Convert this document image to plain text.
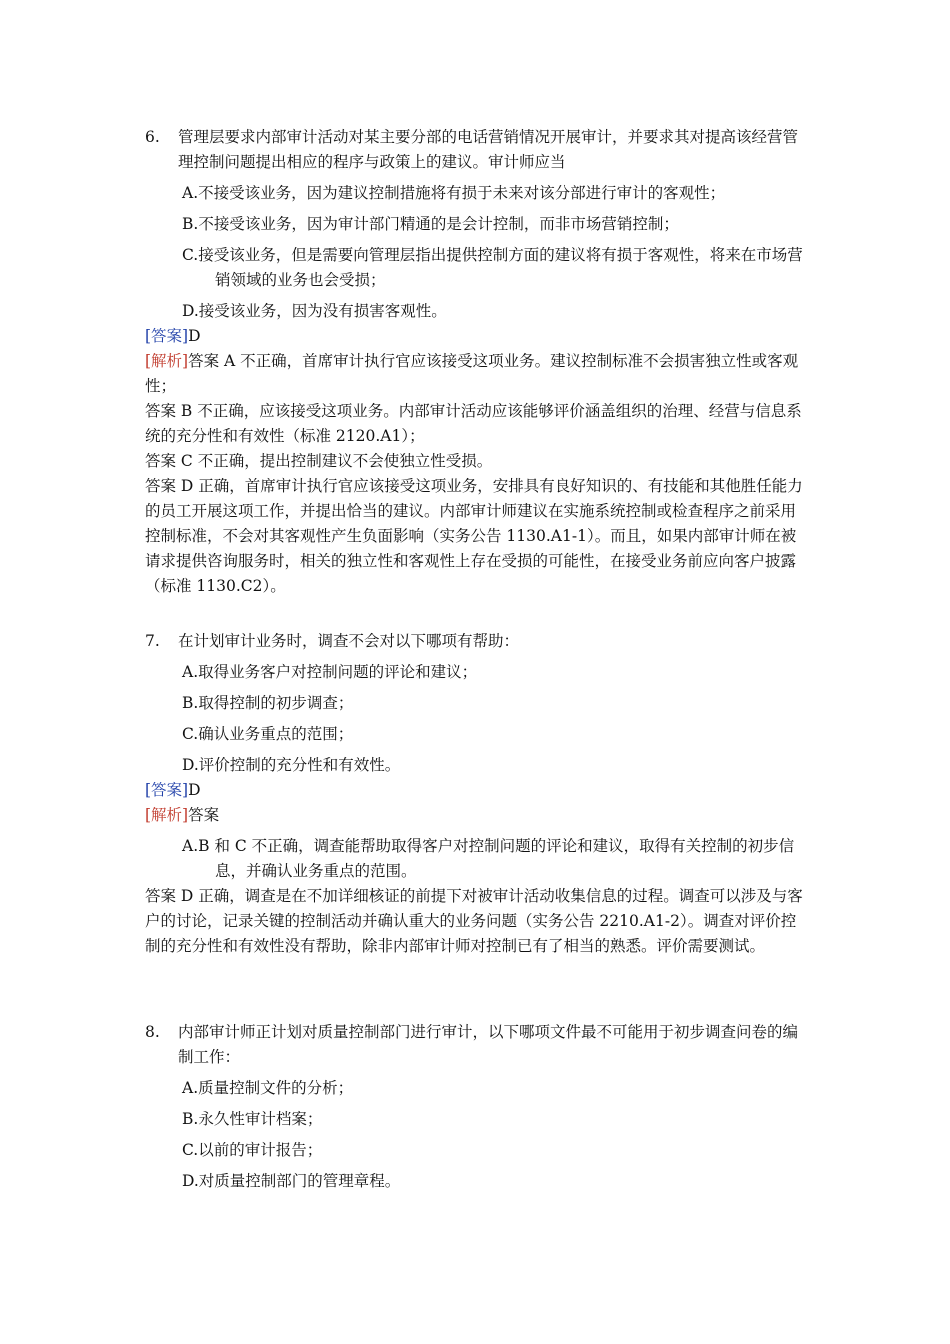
6. 管理层要求内部审计活动对某主要分部的电话营销情况开展审计，并要求其对提高该经营管理控制问题提出相应的程序与政策上的建议。审计师应当
A.不接受该业务，因为建议控制措施将有损于未来对该分部进行审计的客观性；
B.不接受该业务，因为审计部门精通的是会计控制，而非市场营销控制；
C.接受该业务，但是需要向管理层指出提供控制方面的建议将有损于客观性，将来在市场营销领域的业务也会受损；
D.接受该业务，因为没有损害客观性。
[答案]D
[解析]答案 A 不正确，首席审计执行官应该接受这项业务。建议控制标准不会损害独立性或客观性；
答案 B 不正确，应该接受这项业务。内部审计活动应该能够评价涵盖组织的治理、经营与信息系统的充分性和有效性（标准 2120.A1）；
答案 C 不正确，提出控制建议不会使独立性受损。
答案 D 正确，首席审计执行官应该接受这项业务，安排具有良好知识的、有技能和其他胜任能力的员工开展这项工作，并提出恰当的建议。内部审计师建议在实施系统控制或检查程序之前采用控制标准，不会对其客观性产生负面影响（实务公告 1130.A1-1）。而且，如果内部审计师在被请求提供咨询服务时，相关的独立性和客观性上存在受损的可能性，在接受业务前应向客户披露（标准 1130.C2）。
7. 在计划审计业务时，调查不会对以下哪项有帮助：
A.取得业务客户对控制问题的评论和建议；
B.取得控制的初步调查；
C.确认业务重点的范围；
D.评价控制的充分性和有效性。
[答案]D
[解析]答案
A.B 和 C 不正确，调查能帮助取得客户对控制问题的评论和建议，取得有关控制的初步信息，并确认业务重点的范围。
答案 D 正确，调查是在不加详细核证的前提下对被审计活动收集信息的过程。调查可以涉及与客户的讨论，记录关键的控制活动并确认重大的业务问题（实务公告 2210.A1-2）。调查对评价控制的充分性和有效性没有帮助，除非内部审计师对控制已有了相当的熟悉。评价需要测试。
8. 内部审计师正计划对质量控制部门进行审计，以下哪项文件最不可能用于初步调查问卷的编制工作：
A.质量控制文件的分析；
B.永久性审计档案；
C.以前的审计报告；
D.对质量控制部门的管理章程。
